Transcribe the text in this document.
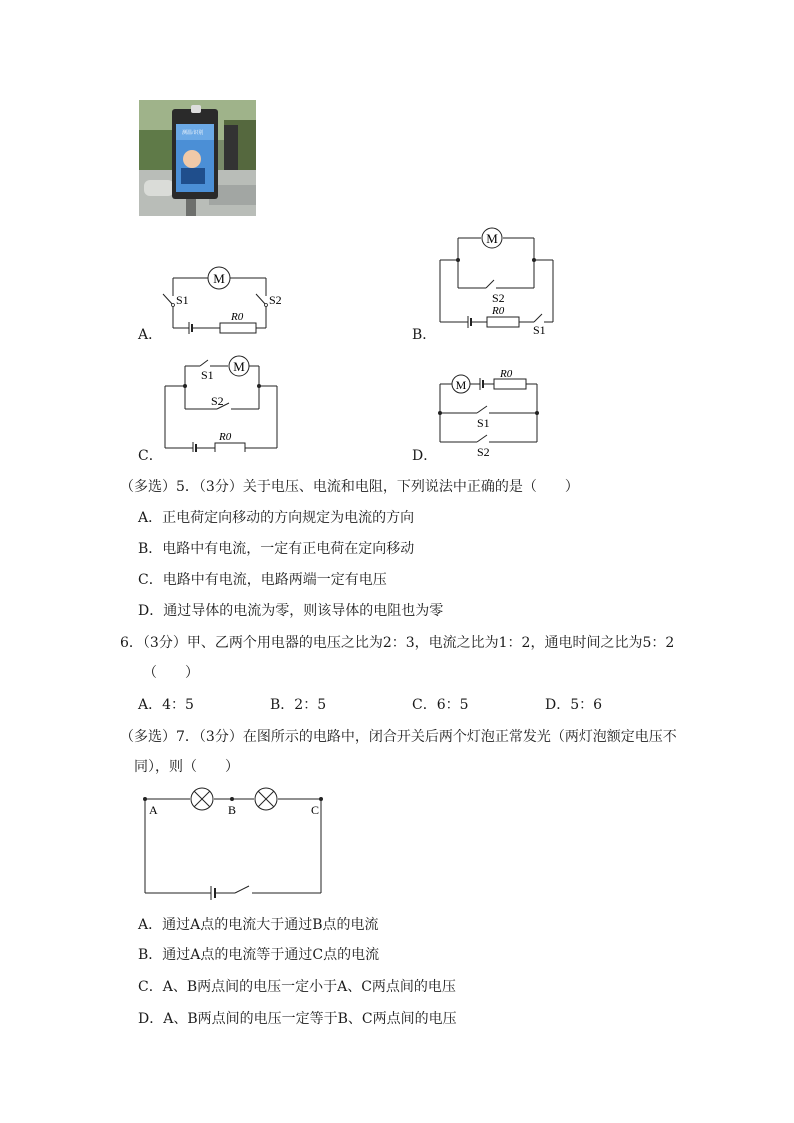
测温/识别
M
S1	S2
R0
A．
M
S2
R0
S1
B．
S1
M
S2
R0
C．
M
R0
S1
S2
D．
（多选）5．（3分）关于电压、电流和电阻，下列说法中正确的是（　　）
A．正电荷定向移动的方向规定为电流的方向
B．电路中有电流，一定有正电荷在定向移动
C．电路中有电流，电路两端一定有电压
D．通过导体的电流为零，则该导体的电阻也为零
6．（3分）甲、乙两个用电器的电压之比为2：3，电流之比为1：2，通电时间之比为5：2
（　　）
A．4：5	B．2：5	C．6：5	D．5：6
（多选）7．（3分）在图所示的电路中，闭合开关后两个灯泡正常发光（两灯泡额定电压不
同），则（　　）
A	B	C
A．通过A点的电流大于通过B点的电流
B．通过A点的电流等于通过C点的电流
C．A、B两点间的电压一定小于A、C两点间的电压
D．A、B两点间的电压一定等于B、C两点间的电压
